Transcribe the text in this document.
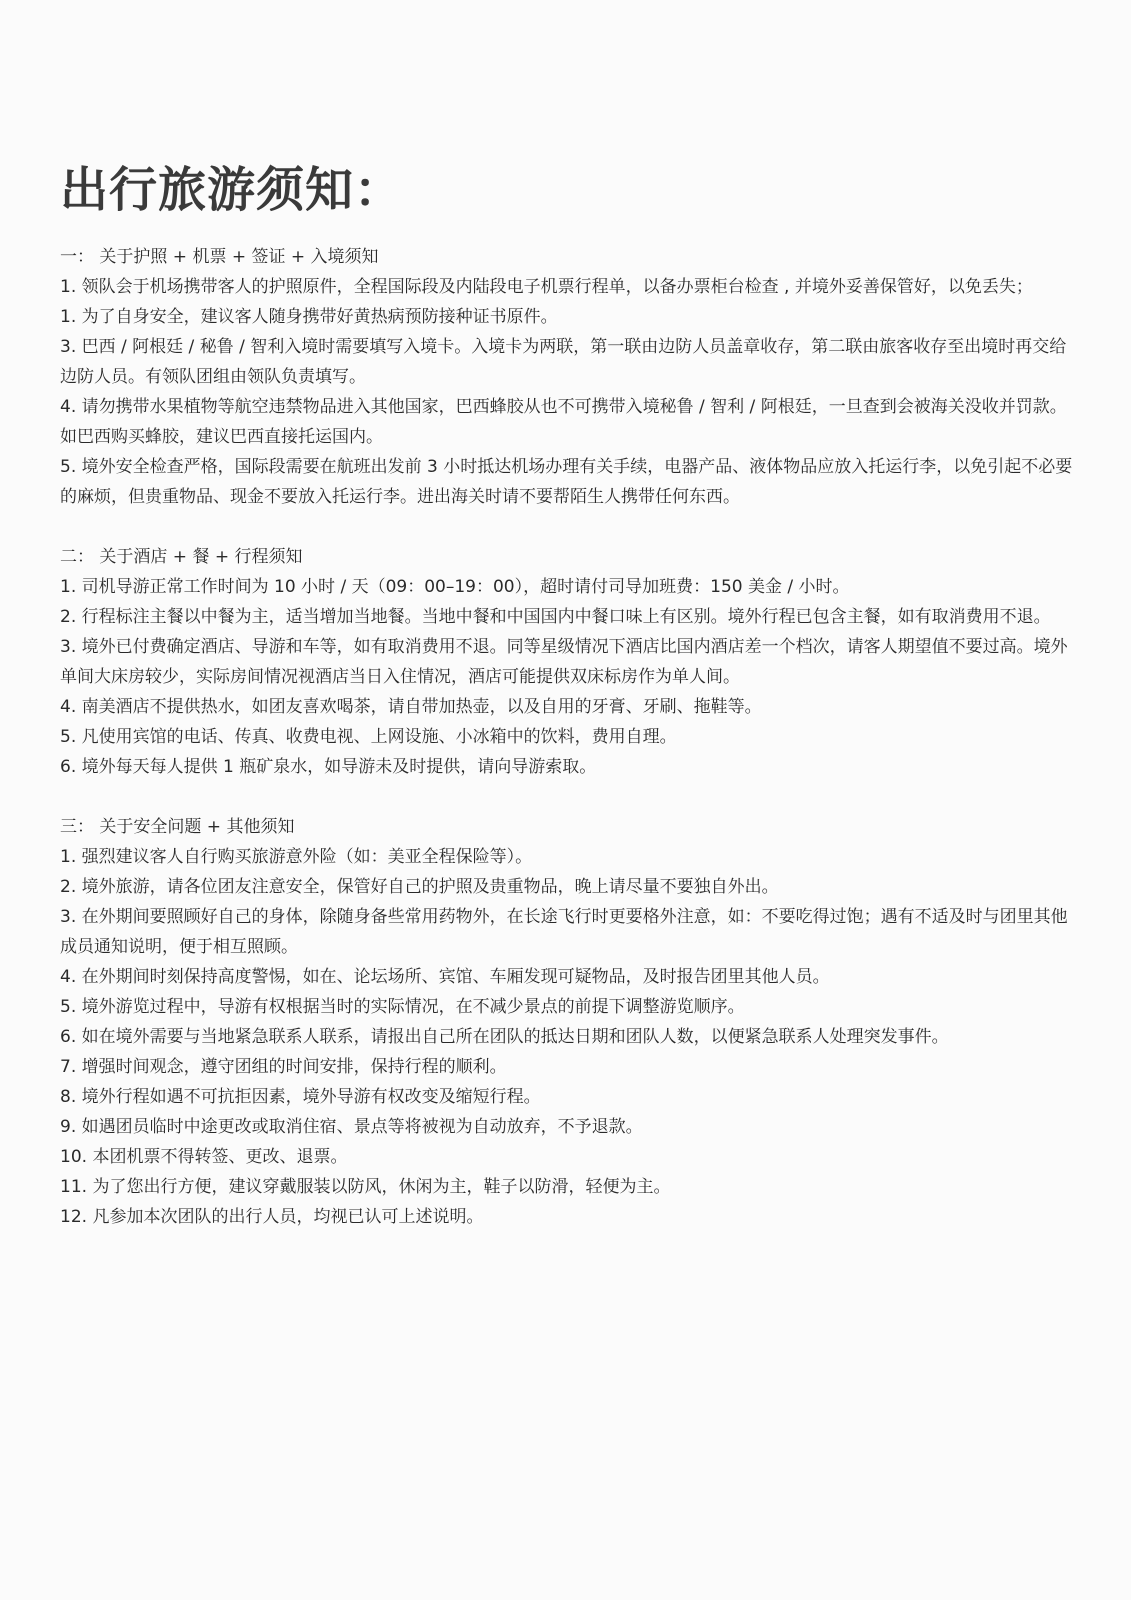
出行旅游须知：

一： 关于护照 + 机票 + 签证 + 入境须知

1. 领队会于机场携带客人的护照原件，全程国际段及内陆段电子机票行程单，以备办票柜台检查 , 并境外妥善保管好，以免丢失；

1. 为了自身安全，建议客人随身携带好黄热病预防接种证书原件。

3. 巴西 / 阿根廷 / 秘鲁 / 智利入境时需要填写入境卡。入境卡为两联，第一联由边防人员盖章收存，第二联由旅客收存至出境时再交给边防人员。有领队团组由领队负责填写。

4. 请勿携带水果植物等航空违禁物品进入其他国家，巴西蜂胶从也不可携带入境秘鲁 / 智利 / 阿根廷，一旦查到会被海关没收并罚款。如巴西购买蜂胶，建议巴西直接托运国内。

5. 境外安全检查严格，国际段需要在航班出发前 3 小时抵达机场办理有关手续，电器产品、液体物品应放入托运行李，以免引起不必要的麻烦，但贵重物品、现金不要放入托运行李。进出海关时请不要帮陌生人携带任何东西。

二： 关于酒店 + 餐 + 行程须知

1. 司机导游正常工作时间为 10 小时 / 天（09：00–19：00），超时请付司导加班费：150 美金 / 小时。

2. 行程标注主餐以中餐为主，适当增加当地餐。当地中餐和中国国内中餐口味上有区别。境外行程已包含主餐，如有取消费用不退。

3. 境外已付费确定酒店、导游和车等，如有取消费用不退。同等星级情况下酒店比国内酒店差一个档次，请客人期望值不要过高。境外单间大床房较少，实际房间情况视酒店当日入住情况，酒店可能提供双床标房作为单人间。

4. 南美酒店不提供热水，如团友喜欢喝茶，请自带加热壶，以及自用的牙膏、牙刷、拖鞋等。

5. 凡使用宾馆的电话、传真、收费电视、上网设施、小冰箱中的饮料，费用自理。

6. 境外每天每人提供 1 瓶矿泉水，如导游未及时提供，请向导游索取。

三： 关于安全问题 + 其他须知

1. 强烈建议客人自行购买旅游意外险（如：美亚全程保险等）。

2. 境外旅游，请各位团友注意安全，保管好自己的护照及贵重物品，晚上请尽量不要独自外出。

3. 在外期间要照顾好自己的身体，除随身备些常用药物外，在长途飞行时更要格外注意，如：不要吃得过饱；遇有不适及时与团里其他成员通知说明，便于相互照顾。

4. 在外期间时刻保持高度警惕，如在、论坛场所、宾馆、车厢发现可疑物品，及时报告团里其他人员。

5. 境外游览过程中，导游有权根据当时的实际情况，在不减少景点的前提下调整游览顺序。

6. 如在境外需要与当地紧急联系人联系，请报出自己所在团队的抵达日期和团队人数，以便紧急联系人处理突发事件。

7. 增强时间观念，遵守团组的时间安排，保持行程的顺利。

8. 境外行程如遇不可抗拒因素，境外导游有权改变及缩短行程。

9. 如遇团员临时中途更改或取消住宿、景点等将被视为自动放弃，不予退款。

10. 本团机票不得转签、更改、退票。

11. 为了您出行方便，建议穿戴服装以防风，休闲为主，鞋子以防滑，轻便为主。

12. 凡参加本次团队的出行人员，均视已认可上述说明。
